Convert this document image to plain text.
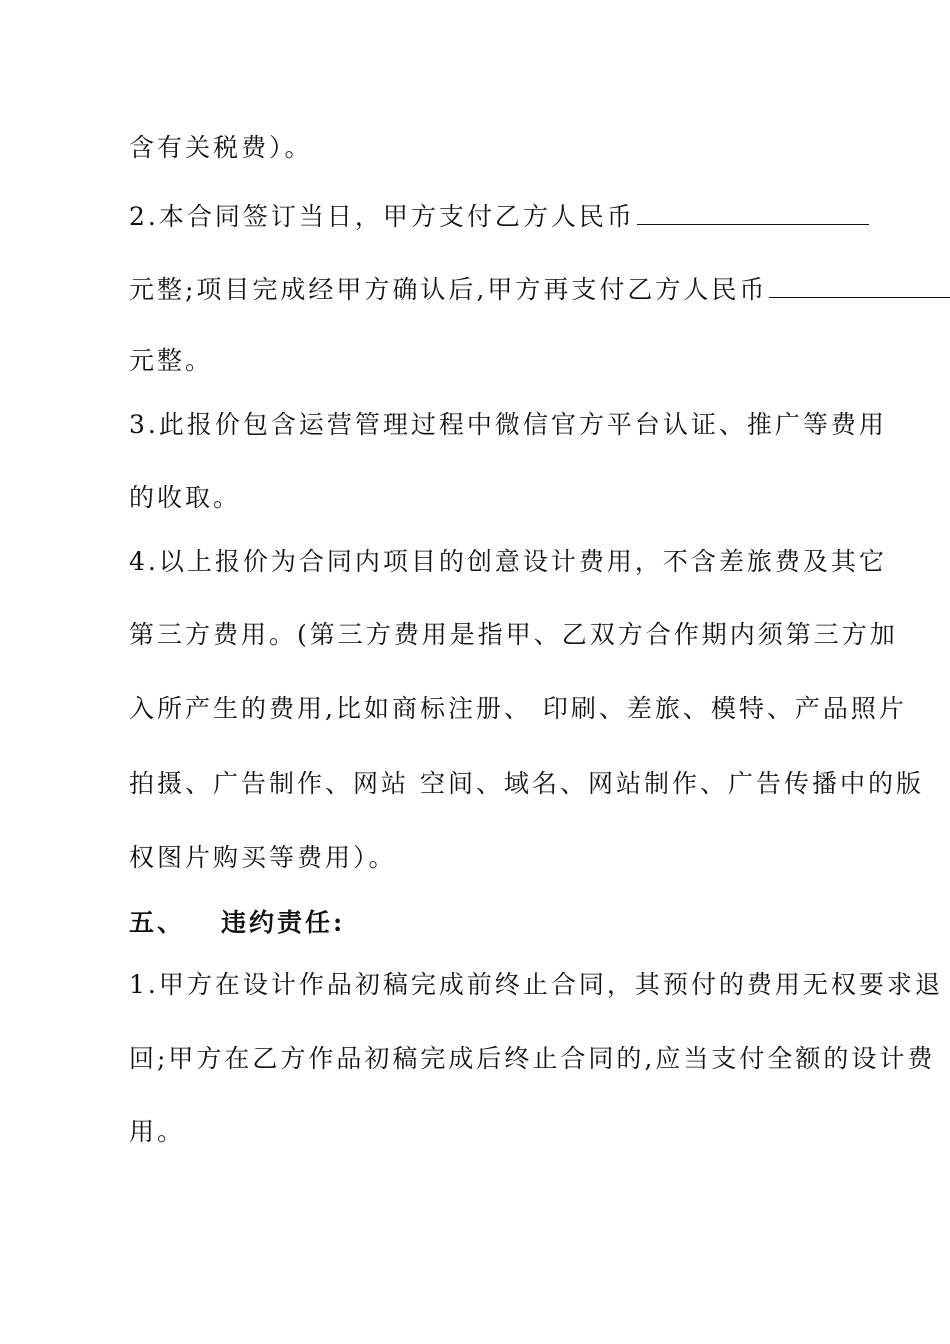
含有关税费）。
2.本合同签订当日，甲方支付乙方人民币
元整;项目完成经甲方确认后,甲方再支付乙方人民币
元整。
3.此报价包含运营管理过程中微信官方平台认证、推广等费用
的收取。
4.以上报价为合同内项目的创意设计费用，不含差旅费及其它
第三方费用。(第三方费用是指甲、乙双方合作期内须第三方加
入所产生的费用,比如商标注册、 印刷、差旅、模特、产品照片
拍摄、广告制作、网站 空间、域名、网站制作、广告传播中的版
权图片购买等费用）。
五、 违约责任:
1.甲方在设计作品初稿完成前终止合同，其预付的费用无权要求退
回;甲方在乙方作品初稿完成后终止合同的,应当支付全额的设计费
用。
